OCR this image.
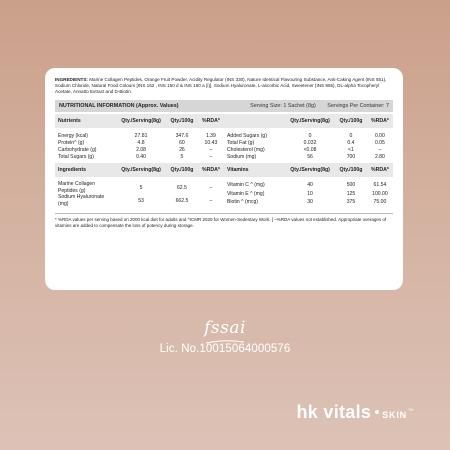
INGREDIENTS: Marine Collagen Peptides, Orange Fruit Powder, Acidity Regulator (INS 330), Nature Identical Flavouring Substance, Anti-Caking Agent (INS 551), Sodium Chloride, Natural Food Colours [INS 162 , INS 150 d & INS 160 a (i)], Sodium Hyaluronate, L-ascorbic Acid, Sweetener (INS 955), DL-alpha Tocopheryl Acetate, Annatto Extract and D-Biotin.

NUTRITIONAL INFORMATION (Approx. Values)	Serving Size: 1 Sachet (8g) Servings Per Container: 7
Nutrients	Qty./Serving(8g)	Qty./100g	%RDA*

Energy (kcal)	27.81	347.6	1.39
Protein^ (g)	4.8	60	10.43
Carbohydrate (g)	2.08	26	–
Total Sugars (g)	0.40	5	–
Ingredients	Qty./Serving(8g)	Qty./100g	%RDA*

Marine Collagen Peptides (g)	5	62.5	–
Sodium Hyaluronate (mg)	53	662.5	–
	Qty./Serving(8g)	Qty./100g	%RDA*

Added Sugars (g)	0	0	0.00
Total Fat (g)	0.032	0.4	0.05
Cholesterol (mg)	<0.08	<1	–
Sodium (mg)	56	700	2.80
Vitamins	Qty./Serving(8g)	Qty./100g	%RDA*

Vitamin C ^ (mg)	40	500	61.54
Vitamin E ^ (mg)	10	125	100.00
Biotin ^ (mcg)	30	375	75.00
* %RDA values per serving based on 2000 kcal diet for adults and ^ICMR 2020 for Women-Sedentary Work. [ –%RDA values not established. Appropriate overages of vitamins are added to compensate the loss of potency during storage.
fssai
Lic. No.10015064000576
hk vitals SKIN TM
